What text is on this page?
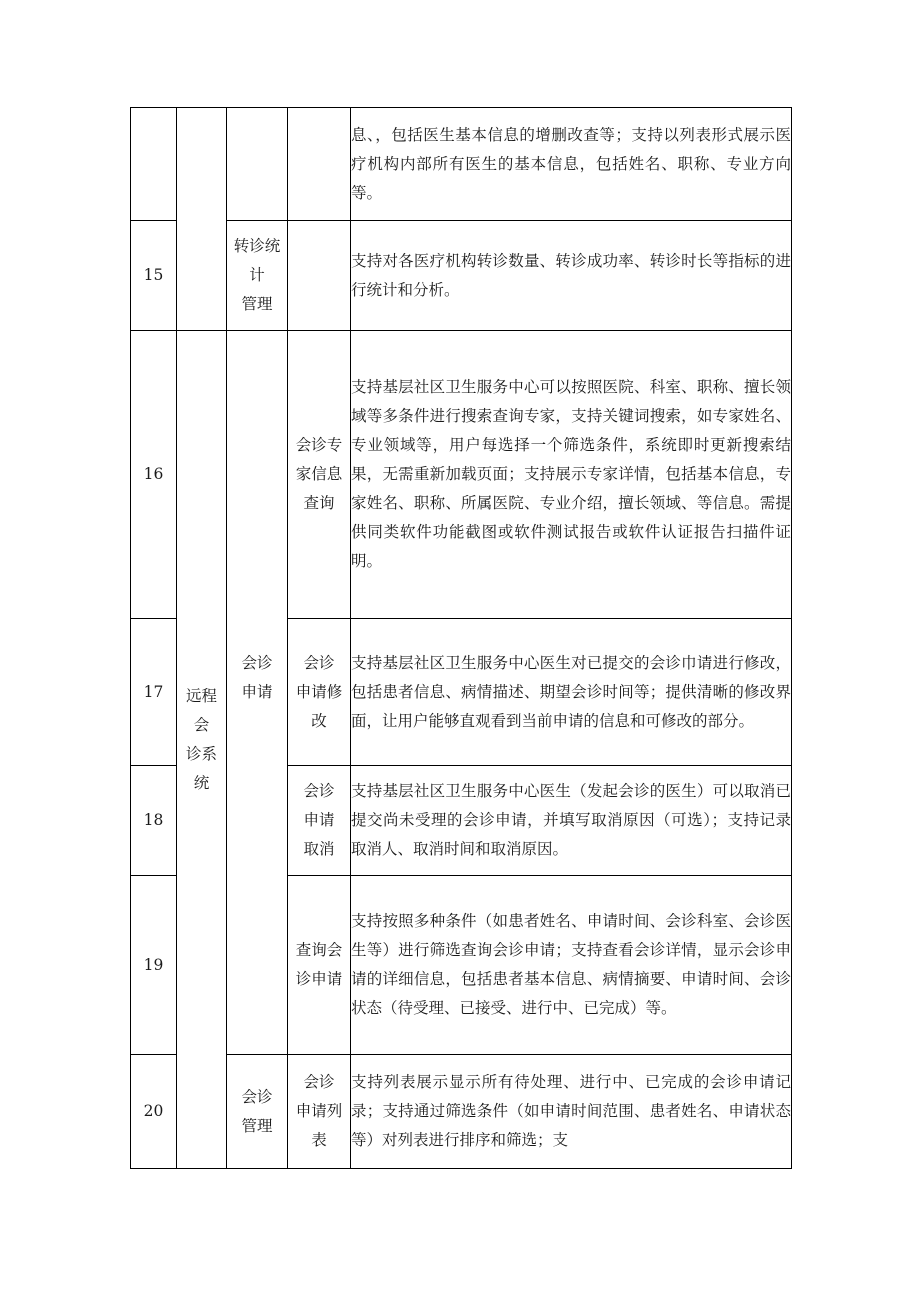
				息、，包括医生基本信息的增删改查等；支持以列表形式展示医疗机构内部所有医生的基本信息，包括姓名、职称、专业方向等。
15		转诊统
计
管理		支持对各医疗机构转诊数量、转诊成功率、转诊时长等指标的进行统计和分析。
16	远程
会
诊系
统	会诊
申请	会诊专
家信息
查询	支持基层社区卫生服务中心可以按照医院、科室、职称、擅长领域等多条件进行搜索查询专家，支持关键词搜索，如专家姓名、专业领域等，用户每选择一个筛选条件，系统即时更新搜索结果，无需重新加载页面；支持展示专家详情，包括基本信息，专家姓名、职称、所属医院、专业介绍，擅长领域、等信息。需提供同类软件功能截图或软件测试报告或软件认证报告扫描件证明。
17			会诊
申请修
改	支持基层社区卫生服务中心医生对已提交的会诊巾请进行修改，包括患者信息、病情描述、期望会诊时间等；提供清晰的修改界面，让用户能够直观看到当前申请的信息和可修改的部分。
18			会诊
申请
取消	支持基层社区卫生服务中心医生（发起会诊的医生）可以取消已提交尚未受理的会诊申请，并填写取消原因（可选）；支持记录取消人、取消时间和取消原因。
19			查询会
诊申请	支持按照多种条件（如患者姓名、申请时间、会诊科室、会诊医生等）进行筛选查询会诊申请；支持查看会诊详情，显示会诊申请的详细信息，包括患者基本信息、病情摘要、申请时间、会诊状态（待受理、已接受、进行中、已完成）等。
20		会诊
管理	会诊
申请列
表	支持列表展示显示所有待处理、进行中、已完成的会诊申请记录；支持通过筛选条件（如申请时间范围、患者姓名、申请状态等）对列表进行排序和筛选；支
